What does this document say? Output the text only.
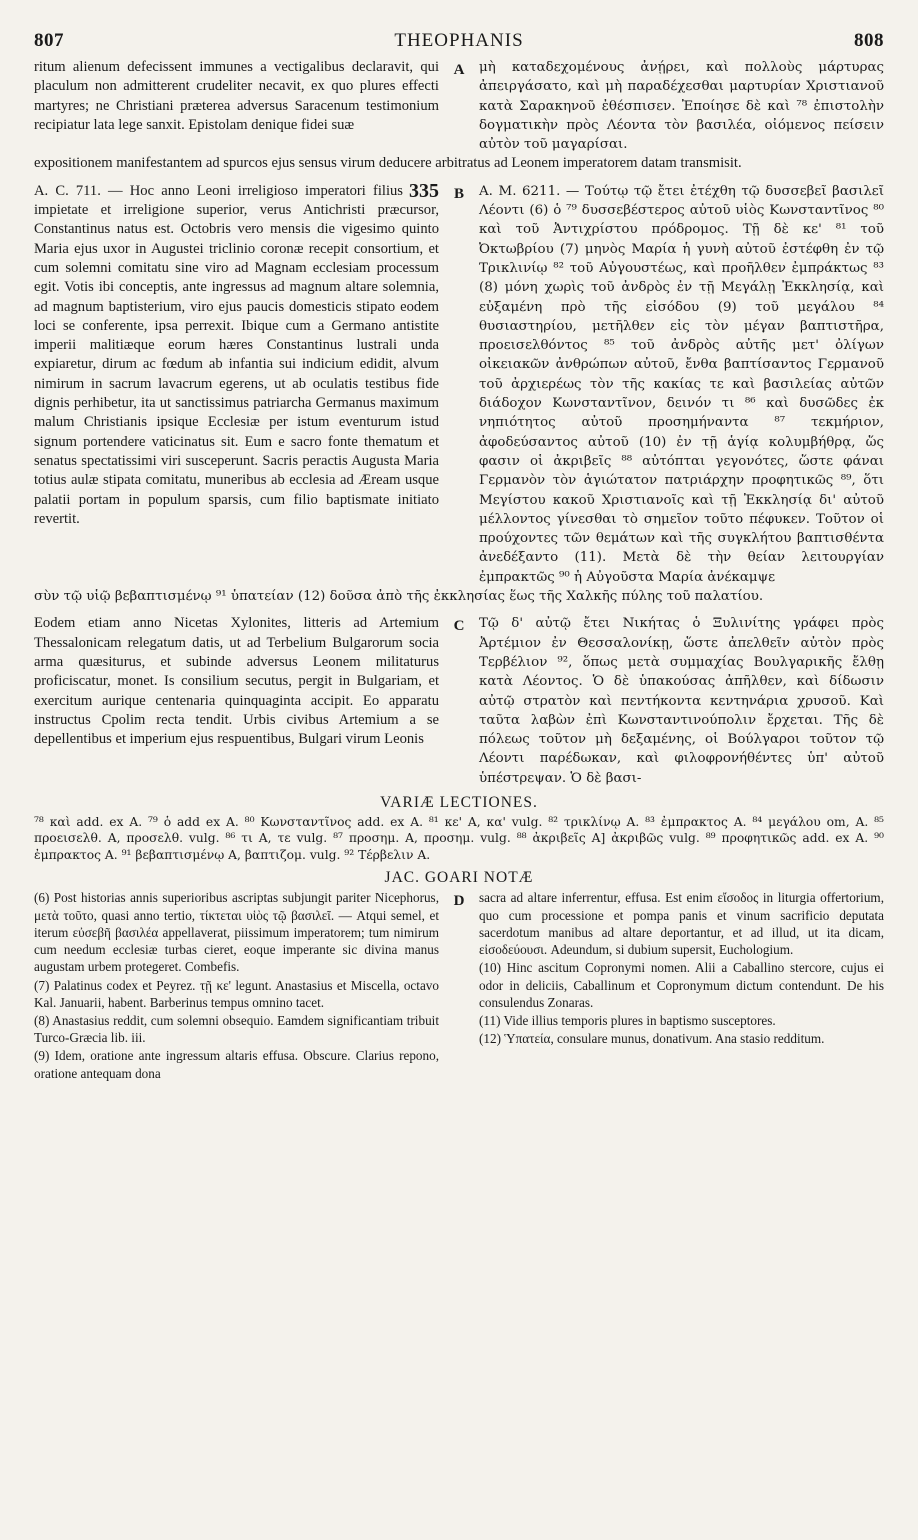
807	THEOPHANIS	808

ritum alienum defecissent immunes a vectigalibus declaravit, qui placulum non admitterent crudeliter necavit, ex quo plures effecti martyres; ne Christiani prӕterea adversus Saracenum testimonium recipiatur lata lege sanxit. Epistolam denique fidei suӕ

A μὴ καταδεχομένους ἀνῄρει, καὶ πολλοὺς μάρτυρας ἀπειργάσατο, καὶ μὴ παραδέχεσθαι μαρτυρίαν Χριστιανοῦ κατὰ Σαρακηνοῦ ἐθέσπισεν. Ἐποίησε δὲ καὶ ⁷⁸ ἐπιστολὴν δογματικὴν πρὸς Λέοντα τὸν βασιλέα, οἰόμενος πείσειν αὐτὸν τοῦ μαγαρίσαι.

expositionem manifestantem ad spurcos ejus sensus virum deducere arbitratus ad Leonem imperatorem datam transmisit.

335

A. C. 711. — Hoc anno Leoni irreligioso imperatori filius impietate et irreligione superior, verus Antichristi prӕcursor, Constantinus natus est. Octobris vero mensis die vigesimo quinto Maria ejus uxor in Augustei triclinio coronӕ recepit consortium, et cum solemni comitatu sine viro ad Magnam ecclesiam processum egit. Votis ibi conceptis, ante ingressus ad magnum altare solemnia, ad magnum baptisterium, viro ejus paucis domesticis stipato eodem loci se conferente, ipsa perrexit. Ibique cum a Germano antistite imperii malitiӕque eorum hӕres Constantinus lustrali unda expiaretur, dirum ac fœdum ab infantia sui indicium edidit, alvum nimirum in sacrum lavacrum egerens, ut ab oculatis testibus fide dignis perhibetur, ita ut sanctissimus patriarcha Germanus maximum malum Christianis ipsique Ecclesiӕ per istum eventurum istud signum portendere vaticinatus sit. Eum e sacro fonte thematum et senatus spectatissimi viri susceperunt. Sacris peractis Augusta Maria totius aulӕ stipata comitatu, muneribus ab ecclesia ad Æream usque palatii portam in populum sparsis, cum filio baptismate initiato revertit.

B A. M. 6211. — Τούτῳ τῷ ἔτει ἐτέχθη τῷ δυσσεβεῖ βασιλεῖ Λέοντι (6) ὁ ⁷⁹ δυσσεβέστερος αὐτοῦ υἱὸς Κωνσταντῖνος ⁸⁰ καὶ τοῦ Ἀντιχρίστου πρόδρομος. Τῇ δὲ κε' ⁸¹ τοῦ Ὀκτωβρίου (7) μηνὸς Μαρία ἡ γυνὴ αὐτοῦ ἐστέφθη ἐν τῷ Τρικλινίῳ ⁸² τοῦ Αὐγουστέως, καὶ προῆλθεν ἐμπράκτως ⁸³ (8) μόνη χωρὶς τοῦ ἀνδρὸς ἐν τῇ Μεγάλῃ Ἐκκλησίᾳ, καὶ εὐξαμένη πρὸ τῆς εἰσόδου (9) τοῦ μεγάλου ⁸⁴ θυσιαστηρίου, μετῆλθεν εἰς τὸν μέγαν βαπτιστῆρα, προεισελθόντος ⁸⁵ τοῦ ἀνδρὸς αὐτῆς μετ' ὀλίγων οἰκειακῶν ἀνθρώπων αὐτοῦ, ἔνθα βαπτίσαντος Γερμανοῦ τοῦ ἀρχιερέως τὸν τῆς κακίας τε καὶ βασιλείας αὐτῶν διάδοχον Κωνσταντῖνον, δεινόν τι ⁸⁶ καὶ δυσῶδες ἐκ νηπιότητος αὐτοῦ προσημήναντα ⁸⁷ τεκμήριον, ἀφοδεύσαντος αὐτοῦ (10) ἐν τῇ ἁγίᾳ κολυμβήθρᾳ, ὥς φασιν οἱ ἀκριβεῖς ⁸⁸ αὐτόπται γεγονότες, ὥστε φάναι Γερμανὸν τὸν ἁγιώτατον πατριάρχην προφητικῶς ⁸⁹, ὅτι Μεγίστου κακοῦ Χριστιανοῖς καὶ τῇ Ἐκκλησίᾳ δι' αὐτοῦ μέλλοντος γίνεσθαι τὸ σημεῖον τοῦτο πέφυκεν. Τοῦτον οἱ προύχοντες τῶν θεμάτων καὶ τῆς συγκλήτου βαπτισθέντα ἀνεδέξαντο (11). Μετὰ δὲ τὴν θείαν λειτουργίαν ἐμπρακτῶς ⁹⁰ ἡ Αὐγοῦστα Μαρία ἀνέκαμψε

σὺν τῷ υἱῷ βεβαπτισμένῳ ⁹¹ ὑπατείαν (12) δοῦσα ἀπὸ τῆς ἐκκλησίας ἕως τῆς Χαλκῆς πύλης τοῦ παλατίου.

Eodem etiam anno Nicetas Xylonites, litteris ad Artemium Thessalonicam relegatum datis, ut ad Terbelium Bulgarorum socia arma quӕsiturus, et subinde adversus Leonem militaturus proficiscatur, monet. Is consilium secutus, pergit in Bulgariam, et exercitum aurique centenaria quinquaginta accipit. Eo apparatu instructus Cpolim recta tendit. Urbis civibus Artemium a se depellentibus et imperium ejus respuentibus, Bulgari virum Leonis

C Τῷ δ' αὐτῷ ἔτει Νικήτας ὁ Ξυλινίτης γράφει πρὸς Ἀρτέμιον ἐν Θεσσαλονίκῃ, ὥστε ἀπελθεῖν αὐτὸν πρὸς Τερβέλιον ⁹², ὅπως μετὰ συμμαχίας Βουλγαρικῆς ἔλθῃ κατὰ Λέοντος. Ὁ δὲ ὑπακούσας ἀπῆλθεν, καὶ δίδωσιν αὐτῷ στρατὸν καὶ πεντήκοντα κεντηνάρια χρυσοῦ. Καὶ ταῦτα λαβὼν ἐπὶ Κωνσταντινούπολιν ἔρχεται. Τῆς δὲ πόλεως τοῦτον μὴ δεξαμένης, οἱ Βούλγαροι τοῦτον τῷ Λέοντι παρέδωκαν, καὶ φιλοφρονήθέντες ὑπ' αὐτοῦ ὑπέστρεψαν. Ὁ δὲ βασι-

VARIÆ LECTIONES.

⁷⁸ καὶ add. ex A. ⁷⁹ ὁ add ex A. ⁸⁰ Κωνσταντῖνος add. ex A. ⁸¹ κε' A, κα' vulg. ⁸² τρικλίνῳ A. ⁸³ ἐμπρακτος A. ⁸⁴ μεγάλου om, A. ⁸⁵ προεισελθ. A, προσελθ. vulg. ⁸⁶ τι A, τε vulg. ⁸⁷ προσημ. A, προσημ. vulg. ⁸⁸ ἀκριβεῖς A] ἀκριβῶς vulg. ⁸⁹ προφητικῶς add. ex A. ⁹⁰ ἐμπρακτος A. ⁹¹ βεβαπτισμένῳ A, βαπτιζομ. vulg. ⁹² Τέρβελιν A.

JAC. GOARI NOTÆ

(6) Post historias annis superioribus ascriptas subjungit pariter Nicephorus, μετὰ τοῦτο, quasi anno tertio, τίκτεται υἱὸς τῷ βασιλεῖ. — Atqui semel, et iterum εὐσεβῆ βασιλέα appellaverat, piissimum imperatorem; tum nimirum cum needum ecclesiӕ turbas cieret, eoque imperante sic divina manus augustam urbem protegeret. Combefis.

(7) Palatinus codex et Peyrez. τῇ κε' legunt. Anastasius et Miscella, octavo Kal. Januarii, habent. Barberinus tempus omnino tacet.

(8) Anastasius reddit, cum solemni obsequio. Eamdem significantiam tribuit Turco-Grӕcia lib. iii.

(9) Idem, oratione ante ingressum altaris effusa. Obscure. Clarius repono, oratione antequam dona

D sacra ad altare inferrentur, effusa. Est enim εἴσοδος in liturgia offertorium, quo cum processione et pompa panis et vinum sacrificio deputata sacerdotum manibus ad altare deportantur, et ad illud, ut ita dicam, εἰσοδεύουσι. Adeundum, si dubium supersit, Euchologium.

(10) Hinc ascitum Copronymi nomen. Alii a Caballino stercore, cujus ei odor in deliciis, Caballinum et Copronymum dictum contendunt. De his consulendus Zonaras.

(11) Vide illius temporis plures in baptismo susceptores.

(12) Ὑπατεία, consulare munus, donativum. Ana stasio redditum.
